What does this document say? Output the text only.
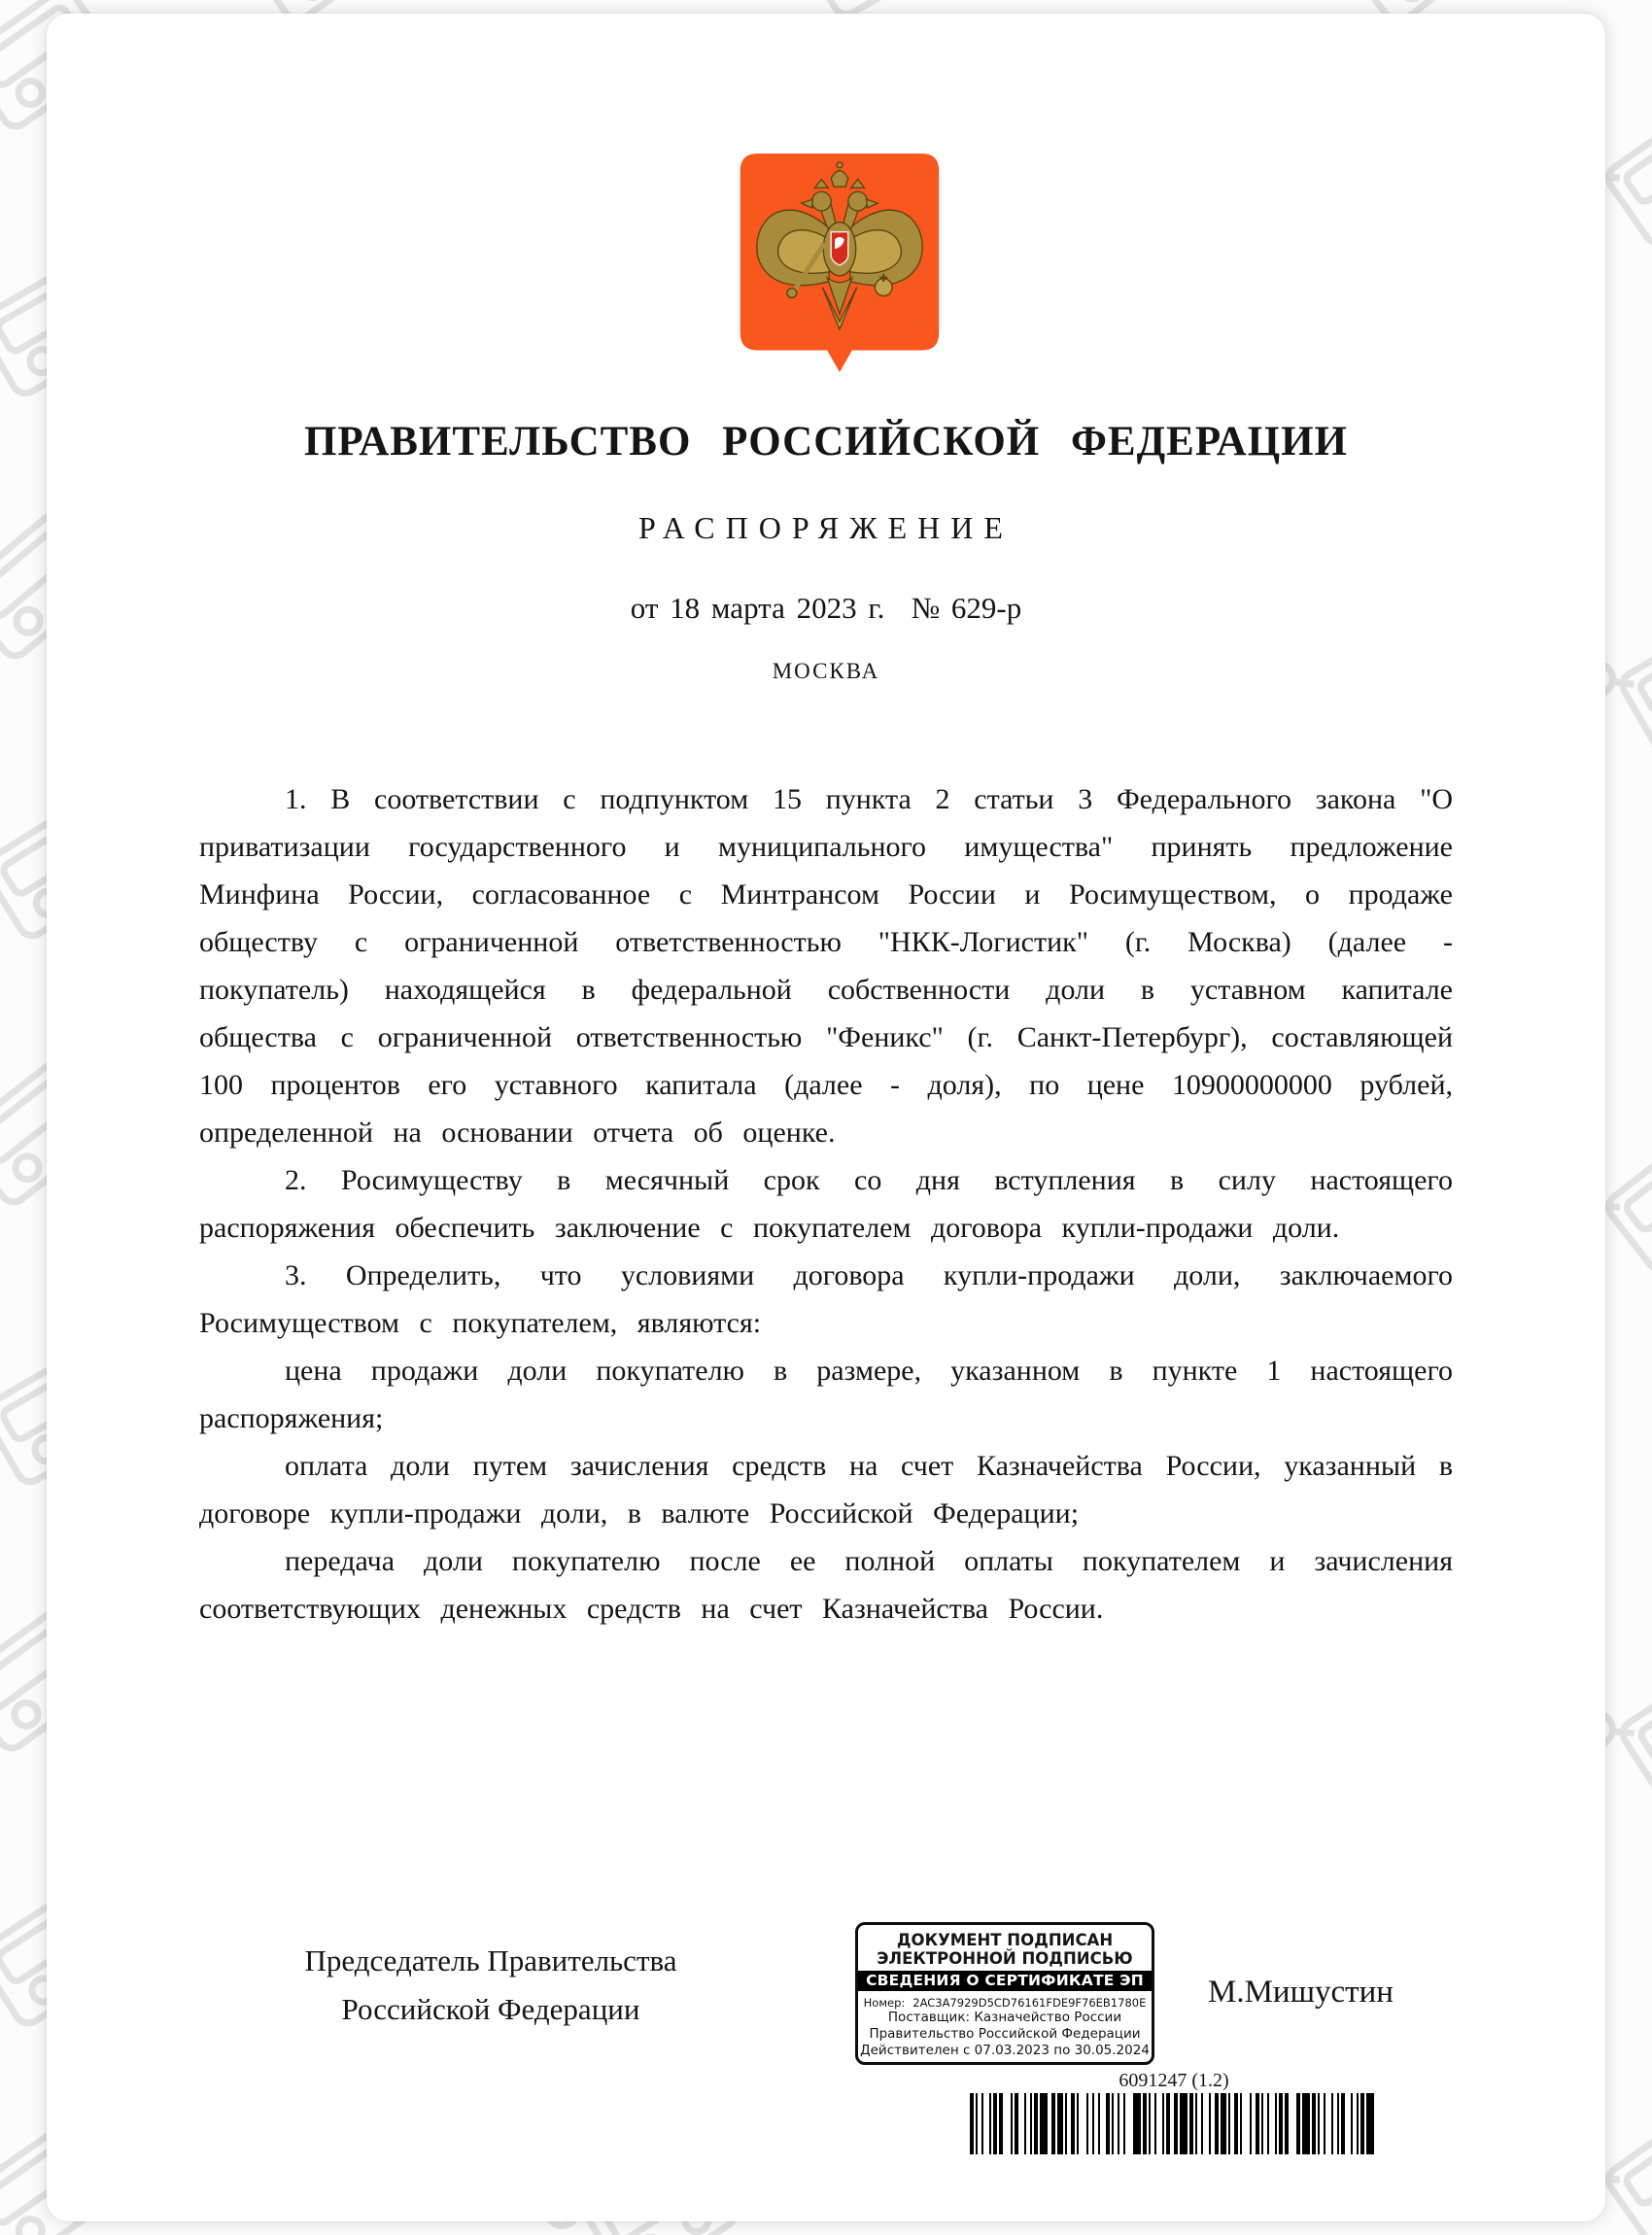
ПРАВИТЕЛЬСТВО РОССИЙСКОЙ ФЕДЕРАЦИИ
РАСПОРЯЖЕНИЕ
от 18 марта 2023 г.  № 629-р
МОСКВА

1. В соответствии с подпунктом 15 пункта 2 статьи 3 Федерального закона "О приватизации государственного и муниципального имущества" принять предложение Минфина России, согласованное с Минтрансом России и Росимуществом, о продаже обществу с ограниченной ответственностью "НКК-Логистик" (г. Москва) (далее - покупатель) находящейся в федеральной собственности доли в уставном капитале общества с ограниченной ответственностью "Феникс" (г. Санкт-Петербург), составляющей 100 процентов его уставного капитала (далее - доля), по цене 10900000000 рублей, определенной на основании отчета об оценке.

2. Росимуществу в месячный срок со дня вступления в силу настоящего распоряжения обеспечить заключение с покупателем договора купли-продажи доли.

3. Определить, что условиями договора купли-продажи доли, заключаемого Росимуществом с покупателем, являются:

цена продажи доли покупателю в размере, указанном в пункте 1 настоящего распоряжения;

оплата доли путем зачисления средств на счет Казначейства России, указанный в договоре купли-продажи доли, в валюте Российской Федерации;

передача доли покупателю после ее полной оплаты покупателем и зачисления соответствующих денежных средств на счет Казначейства России.

Председатель Правительства
Российской Федерации	М.Мишустин
ДОКУМЕНТ ПОДПИСАН
ЭЛЕКТРОННОЙ ПОДПИСЬЮ
СВЕДЕНИЯ О СЕРТИФИКАТЕ ЭП
Номер: 2AC3A7929D5CD76161FDE9F76EB1780E
Поставщик: Казначейство России
Правительство Российской Федерации
Действителен с 07.03.2023 по 30.05.2024
6091247 (1.2)
